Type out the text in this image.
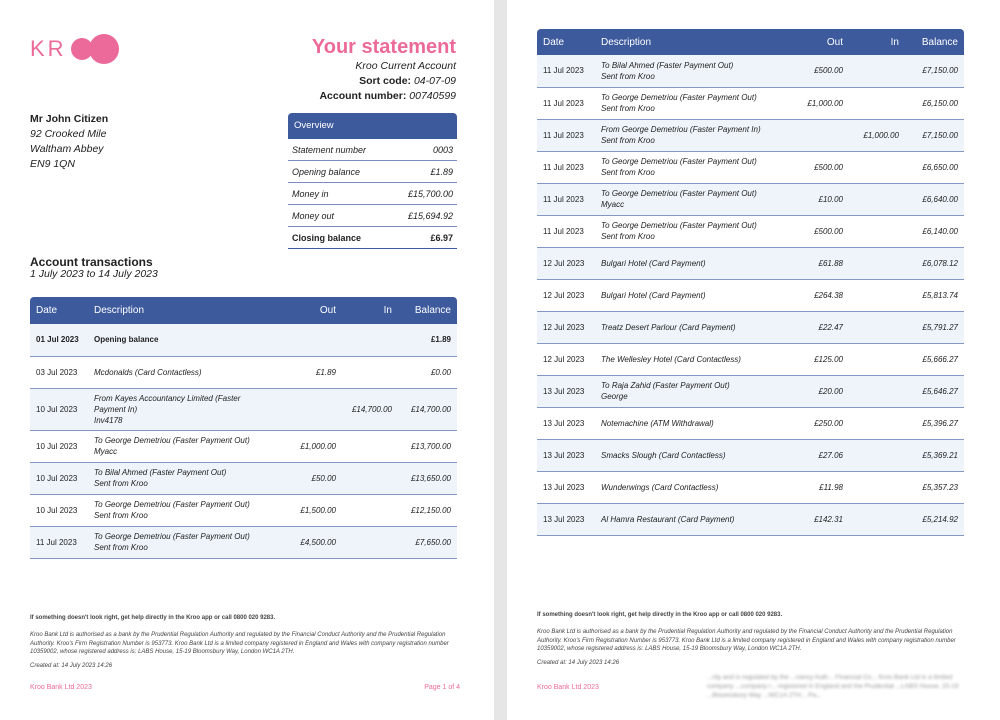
KR	Your statement
Kroo Current Account
Sort code: 04-07-09
Account number: 00740599
Mr John Citizen
92 Crooked Mile
Waltham Abbey
EN9 1QN
Overview
Statement number	0003
Opening balance	£1.89
Money in	£15,700.00
Money out	£15,694.92
Closing balance	£6.97
Account transactions
1 July 2023 to 14 July 2023
Date	Description	Out	In	Balance
01 Jul 2023	Opening balance			£1.89
03 Jul 2023	Mcdonalds (Card Contactless)	£1.89		£0.00
10 Jul 2023	From Kayes Accountancy Limited (Faster
Payment In)
Inv4178		£14,700.00	£14,700.00
10 Jul 2023	To George Demetriou (Faster Payment Out)
Myacc	£1,000.00		£13,700.00
10 Jul 2023	To Bilal Ahmed (Faster Payment Out)
Sent from Kroo	£50.00		£13,650.00
10 Jul 2023	To George Demetriou (Faster Payment Out)
Sent from Kroo	£1,500.00		£12,150.00
11 Jul 2023	To George Demetriou (Faster Payment Out)
Sent from Kroo	£4,500.00		£7,650.00
If something doesn't look right, get help directly in the Kroo app or call 0800 020 9283.
Kroo Bank Ltd is authorised as a bank by the Prudential Regulation Authority and regulated by the Financial Conduct Authority and the Prudential Regulation Authority. Kroo's Firm Registration Number is 953773. Kroo Bank Ltd is a limited company registered in England and Wales with company registration number 10359002, whose registered address is: LABS House, 15-19 Bloomsbury Way, London WC1A 2TH.
Created at: 14 July 2023 14:26
Kroo Bank Ltd 2023	Page 1 of 4
Date	Description	Out	In	Balance
11 Jul 2023	To Bilal Ahmed (Faster Payment Out)
Sent from Kroo	£500.00		£7,150.00
11 Jul 2023	To George Demetriou (Faster Payment Out)
Sent from Kroo	£1,000.00		£6,150.00
11 Jul 2023	From George Demetriou (Faster Payment In)
Sent from Kroo		£1,000.00	£7,150.00
11 Jul 2023	To George Demetriou (Faster Payment Out)
Sent from Kroo	£500.00		£6,650.00
11 Jul 2023	To George Demetriou (Faster Payment Out)
Myacc	£10.00		£6,640.00
11 Jul 2023	To George Demetriou (Faster Payment Out)
Sent from Kroo	£500.00		£6,140.00
12 Jul 2023	Bulgari Hotel (Card Payment)	£61.88		£6,078.12
12 Jul 2023	Bulgari Hotel (Card Payment)	£264.38		£5,813.74
12 Jul 2023	Treatz Desert Parlour (Card Payment)	£22.47		£5,791.27
12 Jul 2023	The Wellesley Hotel (Card Contactless)	£125.00		£5,666.27
13 Jul 2023	To Raja Zahid (Faster Payment Out)
George	£20.00		£5,646.27
13 Jul 2023	Notemachine (ATM Withdrawal)	£250.00		£5,396.27
13 Jul 2023	Smacks Slough (Card Contactless)	£27.06		£5,369.21
13 Jul 2023	Wunderwings (Card Contactless)	£11.98		£5,357.23
13 Jul 2023	Al Hamra Restaurant (Card Payment)	£142.31		£5,214.92
If something doesn't look right, get help directly in the Kroo app or call 0800 020 9283.
Kroo Bank Ltd is authorised as a bank by the Prudential Regulation Authority and regulated by the Financial Conduct Authority and the Prudential Regulation Authority. Kroo's Firm Registration Number is 953773. Kroo Bank Ltd is a limited company registered in England and Wales with company registration number 10359002, whose registered address is: LABS House, 15-19 Bloomsbury Way, London WC1A 2TH.
Created at: 14 July 2023 14:26
Kroo Bank Ltd 2023
...rity and is regulated by the ...nancy Auth... Financial Co... Kroo Bank Ltd is a limited company ...company r... registered in England and the Prudential ...LABS House, 15-19 ...Bloomsbury Way ...WC1A 2TH... Pa...
